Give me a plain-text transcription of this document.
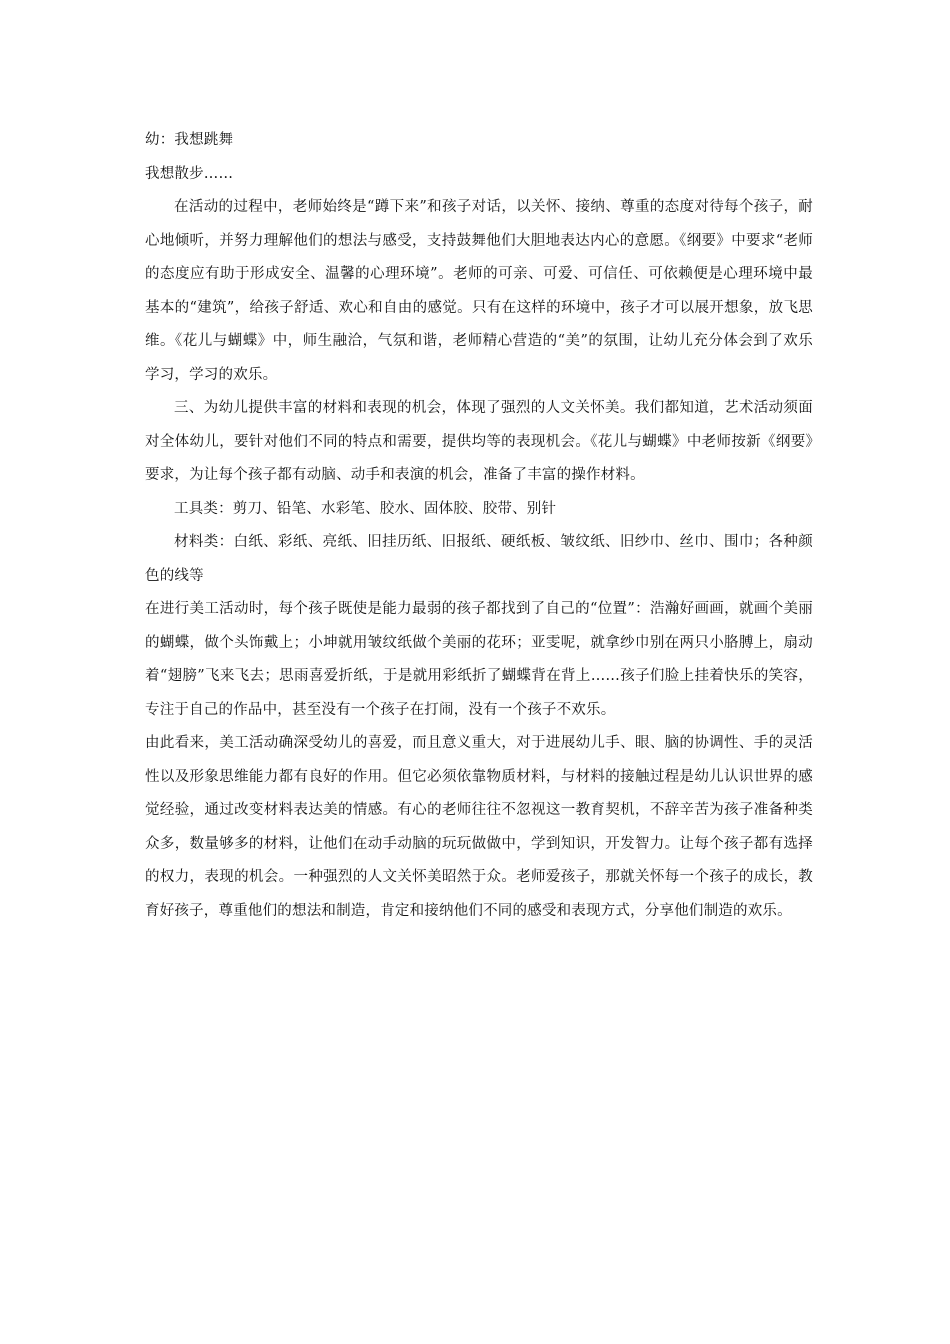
幼：我想跳舞

我想散步……

在活动的过程中，老师始终是“蹲下来”和孩子对话，以关怀、接纳、尊重的态度对待每个孩子，耐心地倾听，并努力理解他们的想法与感受，支持鼓舞他们大胆地表达内心的意愿。《纲要》中要求“老师的态度应有助于形成安全、温馨的心理环境”。老师的可亲、可爱、可信任、可依赖便是心理环境中最基本的“建筑”，给孩子舒适、欢心和自由的感觉。只有在这样的环境中，孩子才可以展开想象，放飞思维。《花儿与蝴蝶》中，师生融洽，气氛和谐，老师精心营造的“美”的氛围，让幼儿充分体会到了欢乐学习，学习的欢乐。

三、为幼儿提供丰富的材料和表现的机会，体现了强烈的人文关怀美。我们都知道，艺术活动须面对全体幼儿，要针对他们不同的特点和需要，提供均等的表现机会。《花儿与蝴蝶》中老师按新《纲要》要求，为让每个孩子都有动脑、动手和表演的机会，准备了丰富的操作材料。

工具类：剪刀、铅笔、水彩笔、胶水、固体胶、胶带、别针

材料类：白纸、彩纸、亮纸、旧挂历纸、旧报纸、硬纸板、皱纹纸、旧纱巾、丝巾、围巾；各种颜色的线等

在进行美工活动时，每个孩子既使是能力最弱的孩子都找到了自己的“位置”：浩瀚好画画，就画个美丽的蝴蝶，做个头饰戴上；小坤就用皱纹纸做个美丽的花环；亚雯呢，就拿纱巾别在两只小胳膊上，扇动着“翅膀”飞来飞去；思雨喜爱折纸，于是就用彩纸折了蝴蝶背在背上……孩子们脸上挂着快乐的笑容，专注于自己的作品中，甚至没有一个孩子在打闹，没有一个孩子不欢乐。

由此看来，美工活动确深受幼儿的喜爱，而且意义重大，对于进展幼儿手、眼、脑的协调性、手的灵活性以及形象思维能力都有良好的作用。但它必须依靠物质材料，与材料的接触过程是幼儿认识世界的感觉经验，通过改变材料表达美的情感。有心的老师往往不忽视这一教育契机，不辞辛苦为孩子准备种类众多，数量够多的材料，让他们在动手动脑的玩玩做做中，学到知识，开发智力。让每个孩子都有选择的权力，表现的机会。一种强烈的人文关怀美昭然于众。老师爱孩子，那就关怀每一个孩子的成长，教育好孩子，尊重他们的想法和制造，肯定和接纳他们不同的感受和表现方式，分享他们制造的欢乐。
